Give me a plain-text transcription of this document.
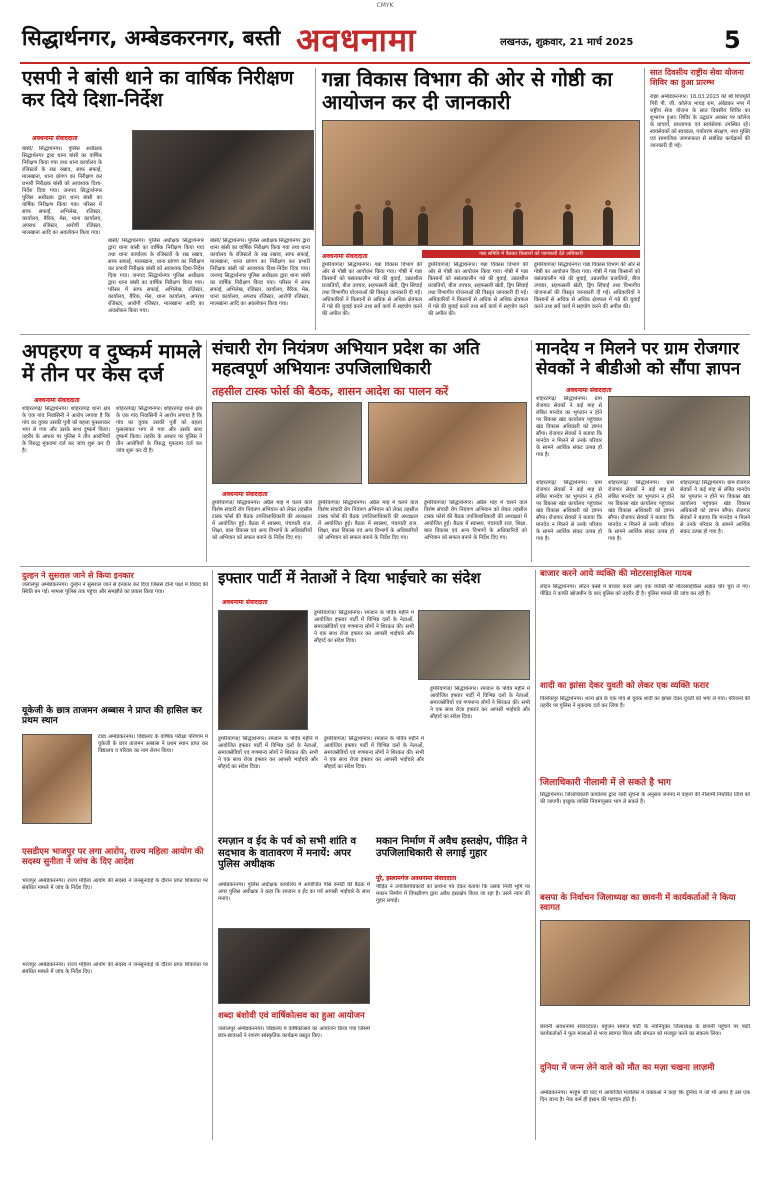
CMYK
सिद्धार्थनगर, अम्बेडकरनगर, बस्ती अवधनामा	लखनऊ, शुक्रवार, 21 मार्च 2025	5
एसपी ने बांसी थाने का वार्षिक निरीक्षण कर दिये दिशा-निर्देश
अवधनामा संवाददाता
बांसी/ सिद्धार्थनगर। पुलिस अधीक्षक सिद्धार्थनगर द्वारा थाना बांसी का वार्षिक निरीक्षण किया गया तथा थाना कार्यालय के रजिस्टरों के रख रखाव, साफ सफाई, मालखाना, थाना प्रांगण का निरीक्षण कर प्रभारी निरीक्षक बांसी को आवश्यक दिशा-निर्देश दिया गया। जनपद सिद्धार्थनगर पुलिस अधीक्षक द्वारा थाना बांसी का वार्षिक निरीक्षण किया गया। परिसर में साफ सफाई, अभिलेख, रजिस्टर, कार्यालय, बैरिक, मेस, थाना कार्यालय, अपराध रजिस्टर, आरोपी रजिस्टर, मालखाना आदि का अवलोकन किया गया।
बांसी/ सिद्धार्थनगर। पुलिस अधीक्षक सिद्धार्थनगर द्वारा थाना बांसी का वार्षिक निरीक्षण किया गया तथा थाना कार्यालय के रजिस्टरों के रख रखाव, साफ सफाई, मालखाना, थाना प्रांगण का निरीक्षण कर प्रभारी निरीक्षक बांसी को आवश्यक दिशा-निर्देश दिया गया। जनपद सिद्धार्थनगर पुलिस अधीक्षक द्वारा थाना बांसी का वार्षिक निरीक्षण किया गया। परिसर में साफ सफाई, अभिलेख, रजिस्टर, कार्यालय, बैरिक, मेस, थाना कार्यालय, अपराध रजिस्टर, आरोपी रजिस्टर, मालखाना आदि का अवलोकन किया गया।
बांसी/ सिद्धार्थनगर। पुलिस अधीक्षक सिद्धार्थनगर द्वारा थाना बांसी का वार्षिक निरीक्षण किया गया तथा थाना कार्यालय के रजिस्टरों के रख रखाव, साफ सफाई, मालखाना, थाना प्रांगण का निरीक्षण कर प्रभारी निरीक्षक बांसी को आवश्यक दिशा-निर्देश दिया गया। जनपद सिद्धार्थनगर पुलिस अधीक्षक द्वारा थाना बांसी का वार्षिक निरीक्षण किया गया। परिसर में साफ सफाई, अभिलेख, रजिस्टर, कार्यालय, बैरिक, मेस, थाना कार्यालय, अपराध रजिस्टर, आरोपी रजिस्टर, मालखाना आदि का अवलोकन किया गया।
गन्ना विकास विभाग की ओर से गोष्ठी का आयोजन कर दी जानकारी
गन्ना समिति में बैठकर किसानों को जानकारी देते अधिकारी
अवधनामा संवाददाता
डुमरियागंज/ सिद्धार्थनगर। गन्ना विकास विभाग की ओर से गोष्ठी का आयोजन किया गया। गोष्ठी में गन्ना किसानों को बसंतकालीन गन्ने की बुवाई, उन्नतशील प्रजातियों, बीज उपचार, सहफसली खेती, ड्रिप सिंचाई तथा विभागीय योजनाओं की विस्तृत जानकारी दी गई। अधिकारियों ने किसानों से अधिक से अधिक क्षेत्रफल में गन्ने की बुवाई करने तथा सर्वे कार्य में सहयोग करने की अपील की।
डुमरियागंज/ सिद्धार्थनगर। गन्ना विकास विभाग की ओर से गोष्ठी का आयोजन किया गया। गोष्ठी में गन्ना किसानों को बसंतकालीन गन्ने की बुवाई, उन्नतशील प्रजातियों, बीज उपचार, सहफसली खेती, ड्रिप सिंचाई तथा विभागीय योजनाओं की विस्तृत जानकारी दी गई। अधिकारियों ने किसानों से अधिक से अधिक क्षेत्रफल में गन्ने की बुवाई करने तथा सर्वे कार्य में सहयोग करने की अपील की।
डुमरियागंज/ सिद्धार्थनगर। गन्ना विकास विभाग की ओर से गोष्ठी का आयोजन किया गया। गोष्ठी में गन्ना किसानों को बसंतकालीन गन्ने की बुवाई, उन्नतशील प्रजातियों, बीज उपचार, सहफसली खेती, ड्रिप सिंचाई तथा विभागीय योजनाओं की विस्तृत जानकारी दी गई। अधिकारियों ने किसानों से अधिक से अधिक क्षेत्रफल में गन्ने की बुवाई करने तथा सर्वे कार्य में सहयोग करने की अपील की।
सात दिवसीय राष्ट्रीय सेवा योजना शिविर का हुआ प्रारम्भ
रांझा अम्बेडकरनगर। 18.03.2025 को श्री शिवमूर्ति गिरी पी. जी. कॉलेज भाघड़ राम, अंबेडकर नगर में राष्ट्रीय सेवा योजना के सात दिवसीय शिविर का शुभारंभ हुआ। शिविर के उद्घाटन अवसर पर कॉलेज के प्राचार्य, प्राध्यापक एवं स्वयंसेवक उपस्थित रहे। स्वयंसेवकों को स्वच्छता, पर्यावरण संरक्षण, नशा मुक्ति एवं सामाजिक जागरूकता से संबंधित कार्यक्रमों की जानकारी दी गई।
अपहरण व दुष्कर्म मामले में तीन पर केस दर्ज
अवधनामा संवाददाता
शोहरतगढ़/ सिद्धार्थनगर। शोहरतगढ़ थाना क्षेत्र के एक गांव निवासिनी ने आरोप लगाया है कि गांव का युवक उसकी पुत्री को बहला फुसलाकर भगा ले गया और उसके साथ दुष्कर्म किया। तहरीर के आधार पर पुलिस ने तीन आरोपियों के विरुद्ध मुकदमा दर्ज कर जांच शुरू कर दी है।
शोहरतगढ़/ सिद्धार्थनगर। शोहरतगढ़ थाना क्षेत्र के एक गांव निवासिनी ने आरोप लगाया है कि गांव का युवक उसकी पुत्री को बहला फुसलाकर भगा ले गया और उसके साथ दुष्कर्म किया। तहरीर के आधार पर पुलिस ने तीन आरोपियों के विरुद्ध मुकदमा दर्ज कर जांच शुरू कर दी है।
संचारी रोग नियंत्रण अभियान प्रदेश का अति महत्वपूर्ण अभियानः उपजिलाधिकारी
तहसील टास्क फोर्स की बैठक, शासन आदेश का पालन करें
अवधनामा संवाददाता
डुमरियागंज/ सिद्धार्थनगर। अप्रैल माह में चलने वाले विशेष संचारी रोग नियंत्रण अभियान को लेकर तहसील टास्क फोर्स की बैठक उपजिलाधिकारी की अध्यक्षता में आयोजित हुई। बैठक में स्वास्थ्य, पंचायती राज, शिक्षा, बाल विकास एवं अन्य विभागों के अधिकारियों को अभियान को सफल बनाने के निर्देश दिए गए।
डुमरियागंज/ सिद्धार्थनगर। अप्रैल माह में चलने वाले विशेष संचारी रोग नियंत्रण अभियान को लेकर तहसील टास्क फोर्स की बैठक उपजिलाधिकारी की अध्यक्षता में आयोजित हुई। बैठक में स्वास्थ्य, पंचायती राज, शिक्षा, बाल विकास एवं अन्य विभागों के अधिकारियों को अभियान को सफल बनाने के निर्देश दिए गए।
डुमरियागंज/ सिद्धार्थनगर। अप्रैल माह में चलने वाले विशेष संचारी रोग नियंत्रण अभियान को लेकर तहसील टास्क फोर्स की बैठक उपजिलाधिकारी की अध्यक्षता में आयोजित हुई। बैठक में स्वास्थ्य, पंचायती राज, शिक्षा, बाल विकास एवं अन्य विभागों के अधिकारियों को अभियान को सफल बनाने के निर्देश दिए गए।
मानदेय न मिलने पर ग्राम रोजगार सेवकों ने बीडीओ को सौंपा ज्ञापन
अवधनामा संवाददाता
शोहरतगढ़/ सिद्धार्थनगर। ग्राम रोजगार सेवकों ने कई माह से लंबित मानदेय का भुगतान न होने पर विकास खंड कार्यालय पहुंचकर खंड विकास अधिकारी को ज्ञापन सौंपा। रोजगार सेवकों ने बताया कि मानदेय न मिलने से उनके परिवार के सामने आर्थिक संकट उत्पन्न हो गया है।
शोहरतगढ़/ सिद्धार्थनगर। ग्राम रोजगार सेवकों ने कई माह से लंबित मानदेय का भुगतान न होने पर विकास खंड कार्यालय पहुंचकर खंड विकास अधिकारी को ज्ञापन सौंपा। रोजगार सेवकों ने बताया कि मानदेय न मिलने से उनके परिवार के सामने आर्थिक संकट उत्पन्न हो गया है।
शोहरतगढ़/ सिद्धार्थनगर। ग्राम रोजगार सेवकों ने कई माह से लंबित मानदेय का भुगतान न होने पर विकास खंड कार्यालय पहुंचकर खंड विकास अधिकारी को ज्ञापन सौंपा। रोजगार सेवकों ने बताया कि मानदेय न मिलने से उनके परिवार के सामने आर्थिक संकट उत्पन्न हो गया है।
शोहरतगढ़/ सिद्धार्थनगर। ग्राम रोजगार सेवकों ने कई माह से लंबित मानदेय का भुगतान न होने पर विकास खंड कार्यालय पहुंचकर खंड विकास अधिकारी को ज्ञापन सौंपा। रोजगार सेवकों ने बताया कि मानदेय न मिलने से उनके परिवार के सामने आर्थिक संकट उत्पन्न हो गया है।
दुल्हन ने सुसराल जाने से किया इनकार
जलालपुर अम्बेडकरनगर। दुल्हन ने सुसराल जाने से इनकार कर दिया जिससे दोनों पक्षों में विवाद की स्थिति बन गई। मामला पुलिस तक पहुंचा और समझौते का प्रयास किया गया।
यूकेजी के छात्र ताजमन अब्बास ने प्राप्त की हासिल कर प्रथम स्थान
टांडा अम्बेडकरनगर। विद्यालय के वार्षिक परीक्षा परिणाम में यूकेजी के छात्र ताजमन अब्बास ने प्रथम स्थान प्राप्त कर विद्यालय व परिवार का नाम रोशन किया।
एसडीएम भाजपुर पर लगा आरोप, राज्य महिला आयोग की सदस्य सुनीता ने जांच के दिए आदेश
भाजपुर अम्बेडकरनगर। राज्य महिला आयोग की सदस्य ने जनसुनवाई के दौरान प्राप्त शिकायत पर संबंधित मामले में जांच के निर्देश दिए।
इफ्तार पार्टी में नेताओं ने दिया भाईचारे का संदेश
अवधनामा संवाददाता
डुमरियागंज/ सिद्धार्थनगर। रमजान के पवित्र महीने में आयोजित इफ्तार पार्टी में विभिन्न दलों के नेताओं, समाजसेवियों एवं गणमान्य लोगों ने शिरकत की। सभी ने एक साथ रोजा इफ्तार कर आपसी भाईचारे और सौहार्द का संदेश दिया।
डुमरियागंज/ सिद्धार्थनगर। रमजान के पवित्र महीने में आयोजित इफ्तार पार्टी में विभिन्न दलों के नेताओं, समाजसेवियों एवं गणमान्य लोगों ने शिरकत की। सभी ने एक साथ रोजा इफ्तार कर आपसी भाईचारे और सौहार्द का संदेश दिया।
डुमरियागंज/ सिद्धार्थनगर। रमजान के पवित्र महीने में आयोजित इफ्तार पार्टी में विभिन्न दलों के नेताओं, समाजसेवियों एवं गणमान्य लोगों ने शिरकत की। सभी ने एक साथ रोजा इफ्तार कर आपसी भाईचारे और सौहार्द का संदेश दिया।
डुमरियागंज/ सिद्धार्थनगर। रमजान के पवित्र महीने में आयोजित इफ्तार पार्टी में विभिन्न दलों के नेताओं, समाजसेवियों एवं गणमान्य लोगों ने शिरकत की। सभी ने एक साथ रोजा इफ्तार कर आपसी भाईचारे और सौहार्द का संदेश दिया।
रमज़ान व ईद के पर्व को सभी शांति व सदभाव के वातावरण में मनायें: अपर पुलिस अधीक्षक
अम्बेडकरनगर। पुलिस अधीक्षक कार्यालय में आयोजित पीस कमेटी की बैठक में अपर पुलिस अधीक्षक ने कहा कि रमजान व ईद का पर्व आपसी भाईचारे के साथ मनाएं।
मकान निर्माण में अवैध हस्तक्षेप, पीड़ित ने उपजिलाधिकारी से लगाई गुहार
पूरे, इस्लामगंज अवधनामा संवाददाता
पीड़ित ने उपजिलाधिकारी को प्रार्थना पत्र देकर बताया कि उसके निजी भूमि पर मकान निर्माण में विपक्षीगण द्वारा अवैध हस्तक्षेप किया जा रहा है। उसने न्याय की गुहार लगाई।
शब्दा बंशोवी एवं वार्षिकोत्सव का हुआ आयोजन
जलालपुर अम्बेडकरनगर। विद्यालय में वार्षिकोत्सव का आयोजन किया गया जिसमें छात्र-छात्राओं ने रंगारंग सांस्कृतिक कार्यक्रम प्रस्तुत किए।
बाजार करने आये व्यक्ति की मोटरसाइकिल गायब
लोटन सिद्धार्थनगर। लोटन कस्बे में बाजार करने आए एक व्यक्ति की मोटरसाइकिल अज्ञात चोर चुरा ले गए। पीड़ित ने काफी खोजबीन के बाद पुलिस को तहरीर दी है। पुलिस मामले की जांच कर रही है।
शादी का झांसा देकर युवती को लेकर एक व्यक्ति फरार
त्रिलोकपुर सिद्धार्थनगर। थाना क्षेत्र के एक गांव से युवक शादी का झांसा देकर युवती को भगा ले गया। परिजनों की तहरीर पर पुलिस ने मुकदमा दर्ज कर लिया है।
जिलाधिकारी नीलामी में ले सकते है भाग
सिद्धार्थनगर। जिलाधिकारी कार्यालय द्वारा जारी सूचना के अनुसार जनपद में वाहनों की नीलामी निर्धारित तिथि को की जाएगी। इच्छुक व्यक्ति नियमानुसार भाग ले सकते हैं।
बसपा के निर्वाचन जिलाध्यक्ष का छावनी में कार्यकर्ताओं ने किया स्वागत
छावनी अवधनामा संवाददाता। बहुजन समाज पार्टी के नवनियुक्त जिलाध्यक्ष के छावनी पहुंचने पर पार्टी कार्यकर्ताओं ने फूल मालाओं से भव्य स्वागत किया और संगठन को मजबूत करने का संकल्प लिया।
दुनिया में जन्म लेने वाले को मौत का मज़ा चखना लाज़मी
अम्बेडकरनगर। मरहूम की याद में आयोजित मजलिस में वक्ताओं ने कहा कि दुनिया में जो भी आया है उसे एक दिन जाना है। नेक कर्म ही इंसान की पहचान होते हैं।
भाजपुर अम्बेडकरनगर। राज्य महिला आयोग की सदस्य ने जनसुनवाई के दौरान प्राप्त शिकायत पर संबंधित मामले में जांच के निर्देश दिए।
